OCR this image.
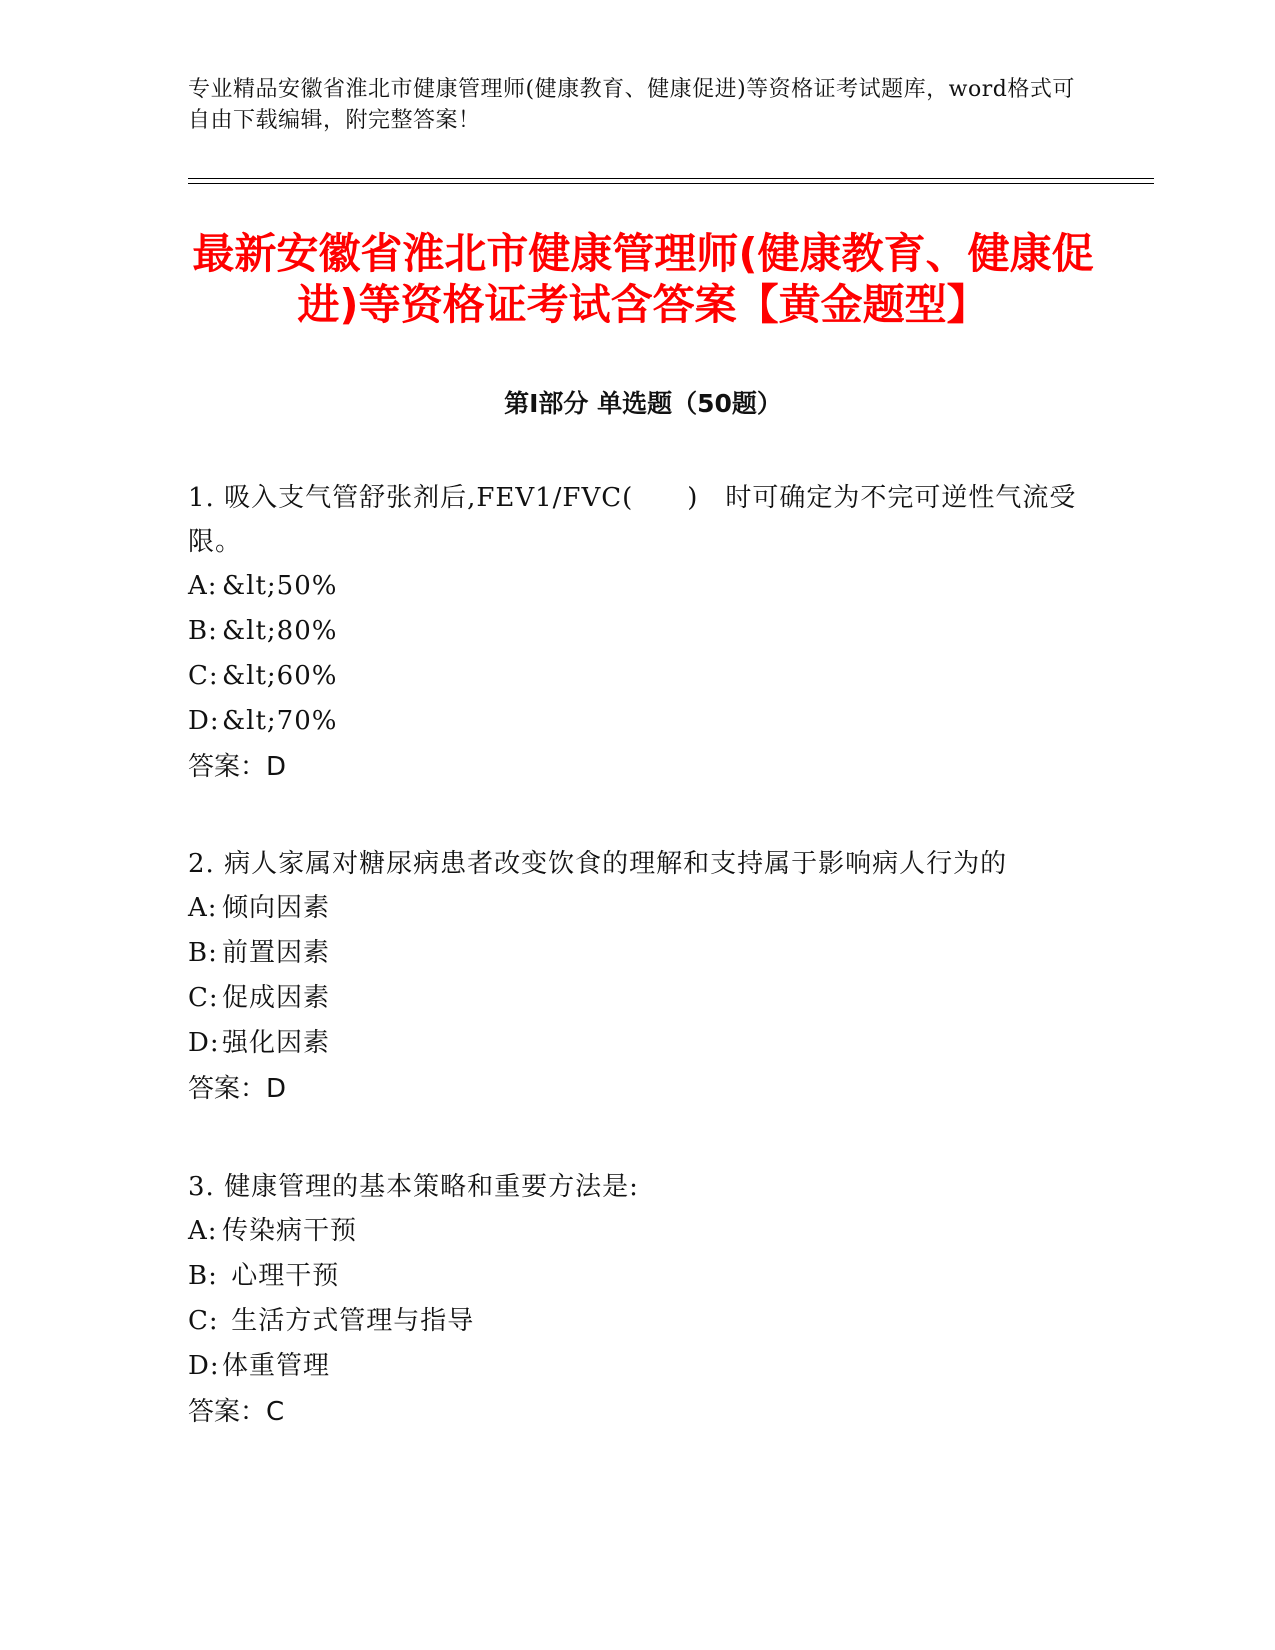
专业精品安徽省淮北市健康管理师(健康教育、健康促进)等资格证考试题库，word格式可自由下载编辑，附完整答案！
最新安徽省淮北市健康管理师(健康教育、健康促进)等资格证考试含答案【黄金题型】
第Ⅰ部分 单选题（50题）

1. 吸入支气管舒张剂后,FEV1/FVC(　　)　时可确定为不完可逆性气流受限。

A: &lt;50%

B: &lt;80%

C: &lt;60%

D:&lt;70%

答案：D

2. 病人家属对糖尿病患者改变饮食的理解和支持属于影响病人行为的

A: 倾向因素

B: 前置因素

C: 促成因素

D:强化因素

答案：D

3. 健康管理的基本策略和重要方法是:

A: 传染病干预

B: 心理干预

C: 生活方式管理与指导

D:体重管理

答案：C
